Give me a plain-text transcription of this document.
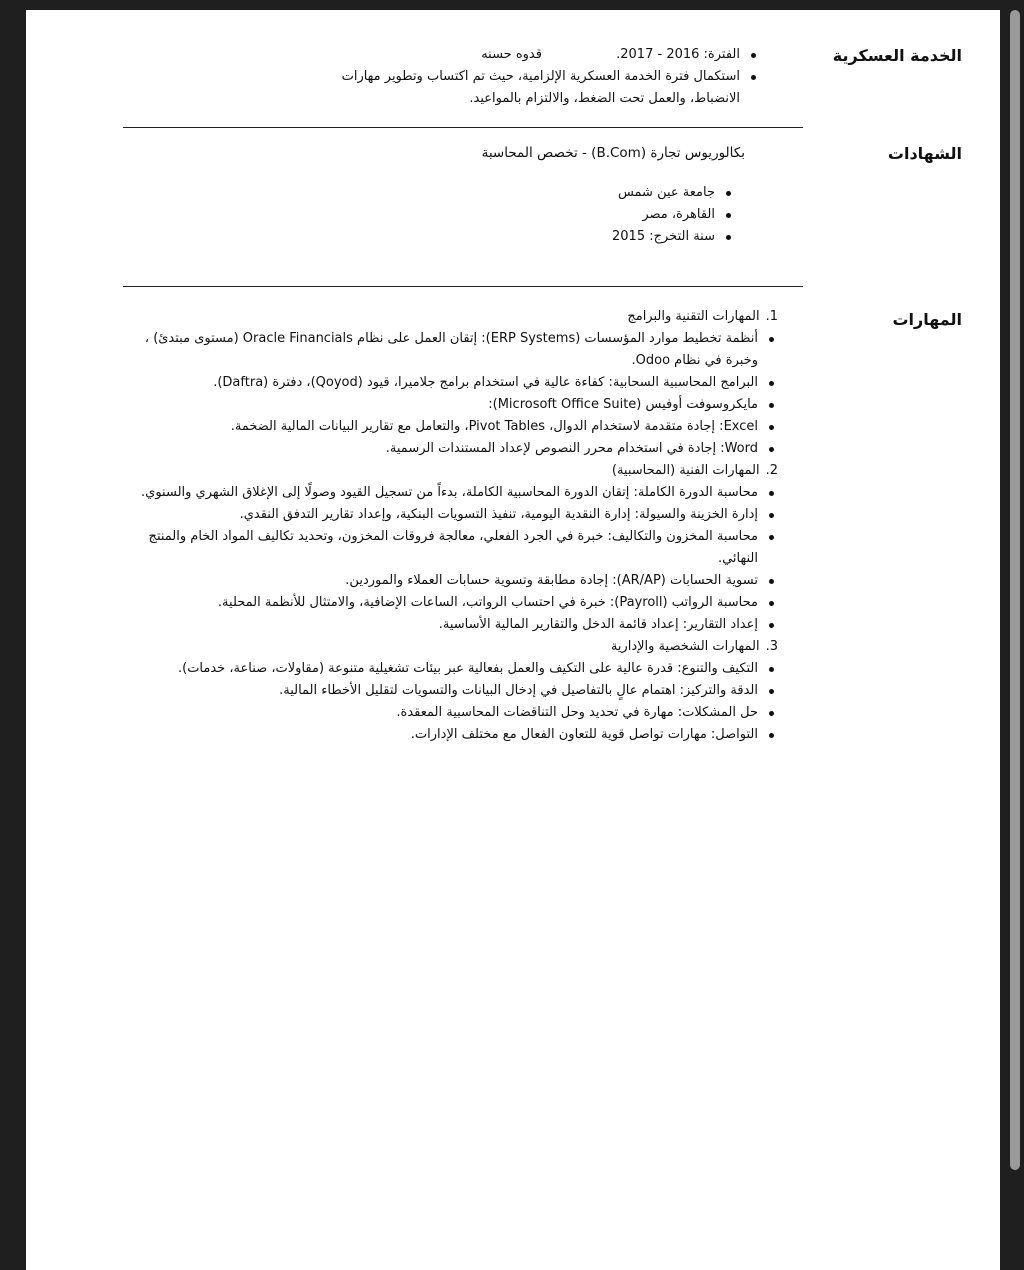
الخدمة العسكرية
الفترة: 2016 - 2017. قدوه حسنه
استكمال فترة الخدمة العسكرية الإلزامية، حيث تم اكتساب وتطوير مهارات الانضباط، والعمل تحت الضغط، والالتزام بالمواعيد.
الشهادات
بكالوريوس تجارة (B.Com) - تخصص المحاسبة
جامعة عين شمس
القاهرة، مصر
سنة التخرج: 2015
المهارات
1.المهارات التقنية والبرامج
أنظمة تخطيط موارد المؤسسات (ERP Systems): إتقان العمل على نظام Oracle Financials (مستوى مبتدئ) ، وخبرة في نظام Odoo.
البرامج المحاسبية السحابية: كفاءة عالية في استخدام برامج جلاميرا، قيود (Qoyod)، دفترة (Daftra).
مايكروسوفت أوفيس (Microsoft Office Suite):
Excel: إجادة متقدمة لاستخدام الدوال، Pivot Tables، والتعامل مع تقارير البيانات المالية الضخمة.
Word: إجادة في استخدام محرر النصوص لإعداد المستندات الرسمية.
2.المهارات الفنية (المحاسبية)
محاسبة الدورة الكاملة: إتقان الدورة المحاسبية الكاملة، بدءاً من تسجيل القيود وصولًا إلى الإغلاق الشهري والسنوي.
إدارة الخزينة والسيولة: إدارة النقدية اليومية، تنفيذ التسويات البنكية، وإعداد تقارير التدفق النقدي.
محاسبة المخزون والتكاليف: خبرة في الجرد الفعلي، معالجة فروقات المخزون، وتحديد تكاليف المواد الخام والمنتج النهائي.
تسوية الحسابات (AR/AP): إجادة مطابقة وتسوية حسابات العملاء والموردين.
محاسبة الرواتب (Payroll): خبرة في احتساب الرواتب، الساعات الإضافية، والامتثال للأنظمة المحلية.
إعداد التقارير: إعداد قائمة الدخل والتقارير المالية الأساسية.
3.المهارات الشخصية والإدارية
التكيف والتنوع: قدرة عالية على التكيف والعمل بفعالية عبر بيئات تشغيلية متنوعة (مقاولات، صناعة، خدمات).
الدقة والتركيز: اهتمام عالٍ بالتفاصيل في إدخال البيانات والتسويات لتقليل الأخطاء المالية.
حل المشكلات: مهارة في تحديد وحل التناقضات المحاسبية المعقدة.
التواصل: مهارات تواصل قوية للتعاون الفعال مع مختلف الإدارات.
